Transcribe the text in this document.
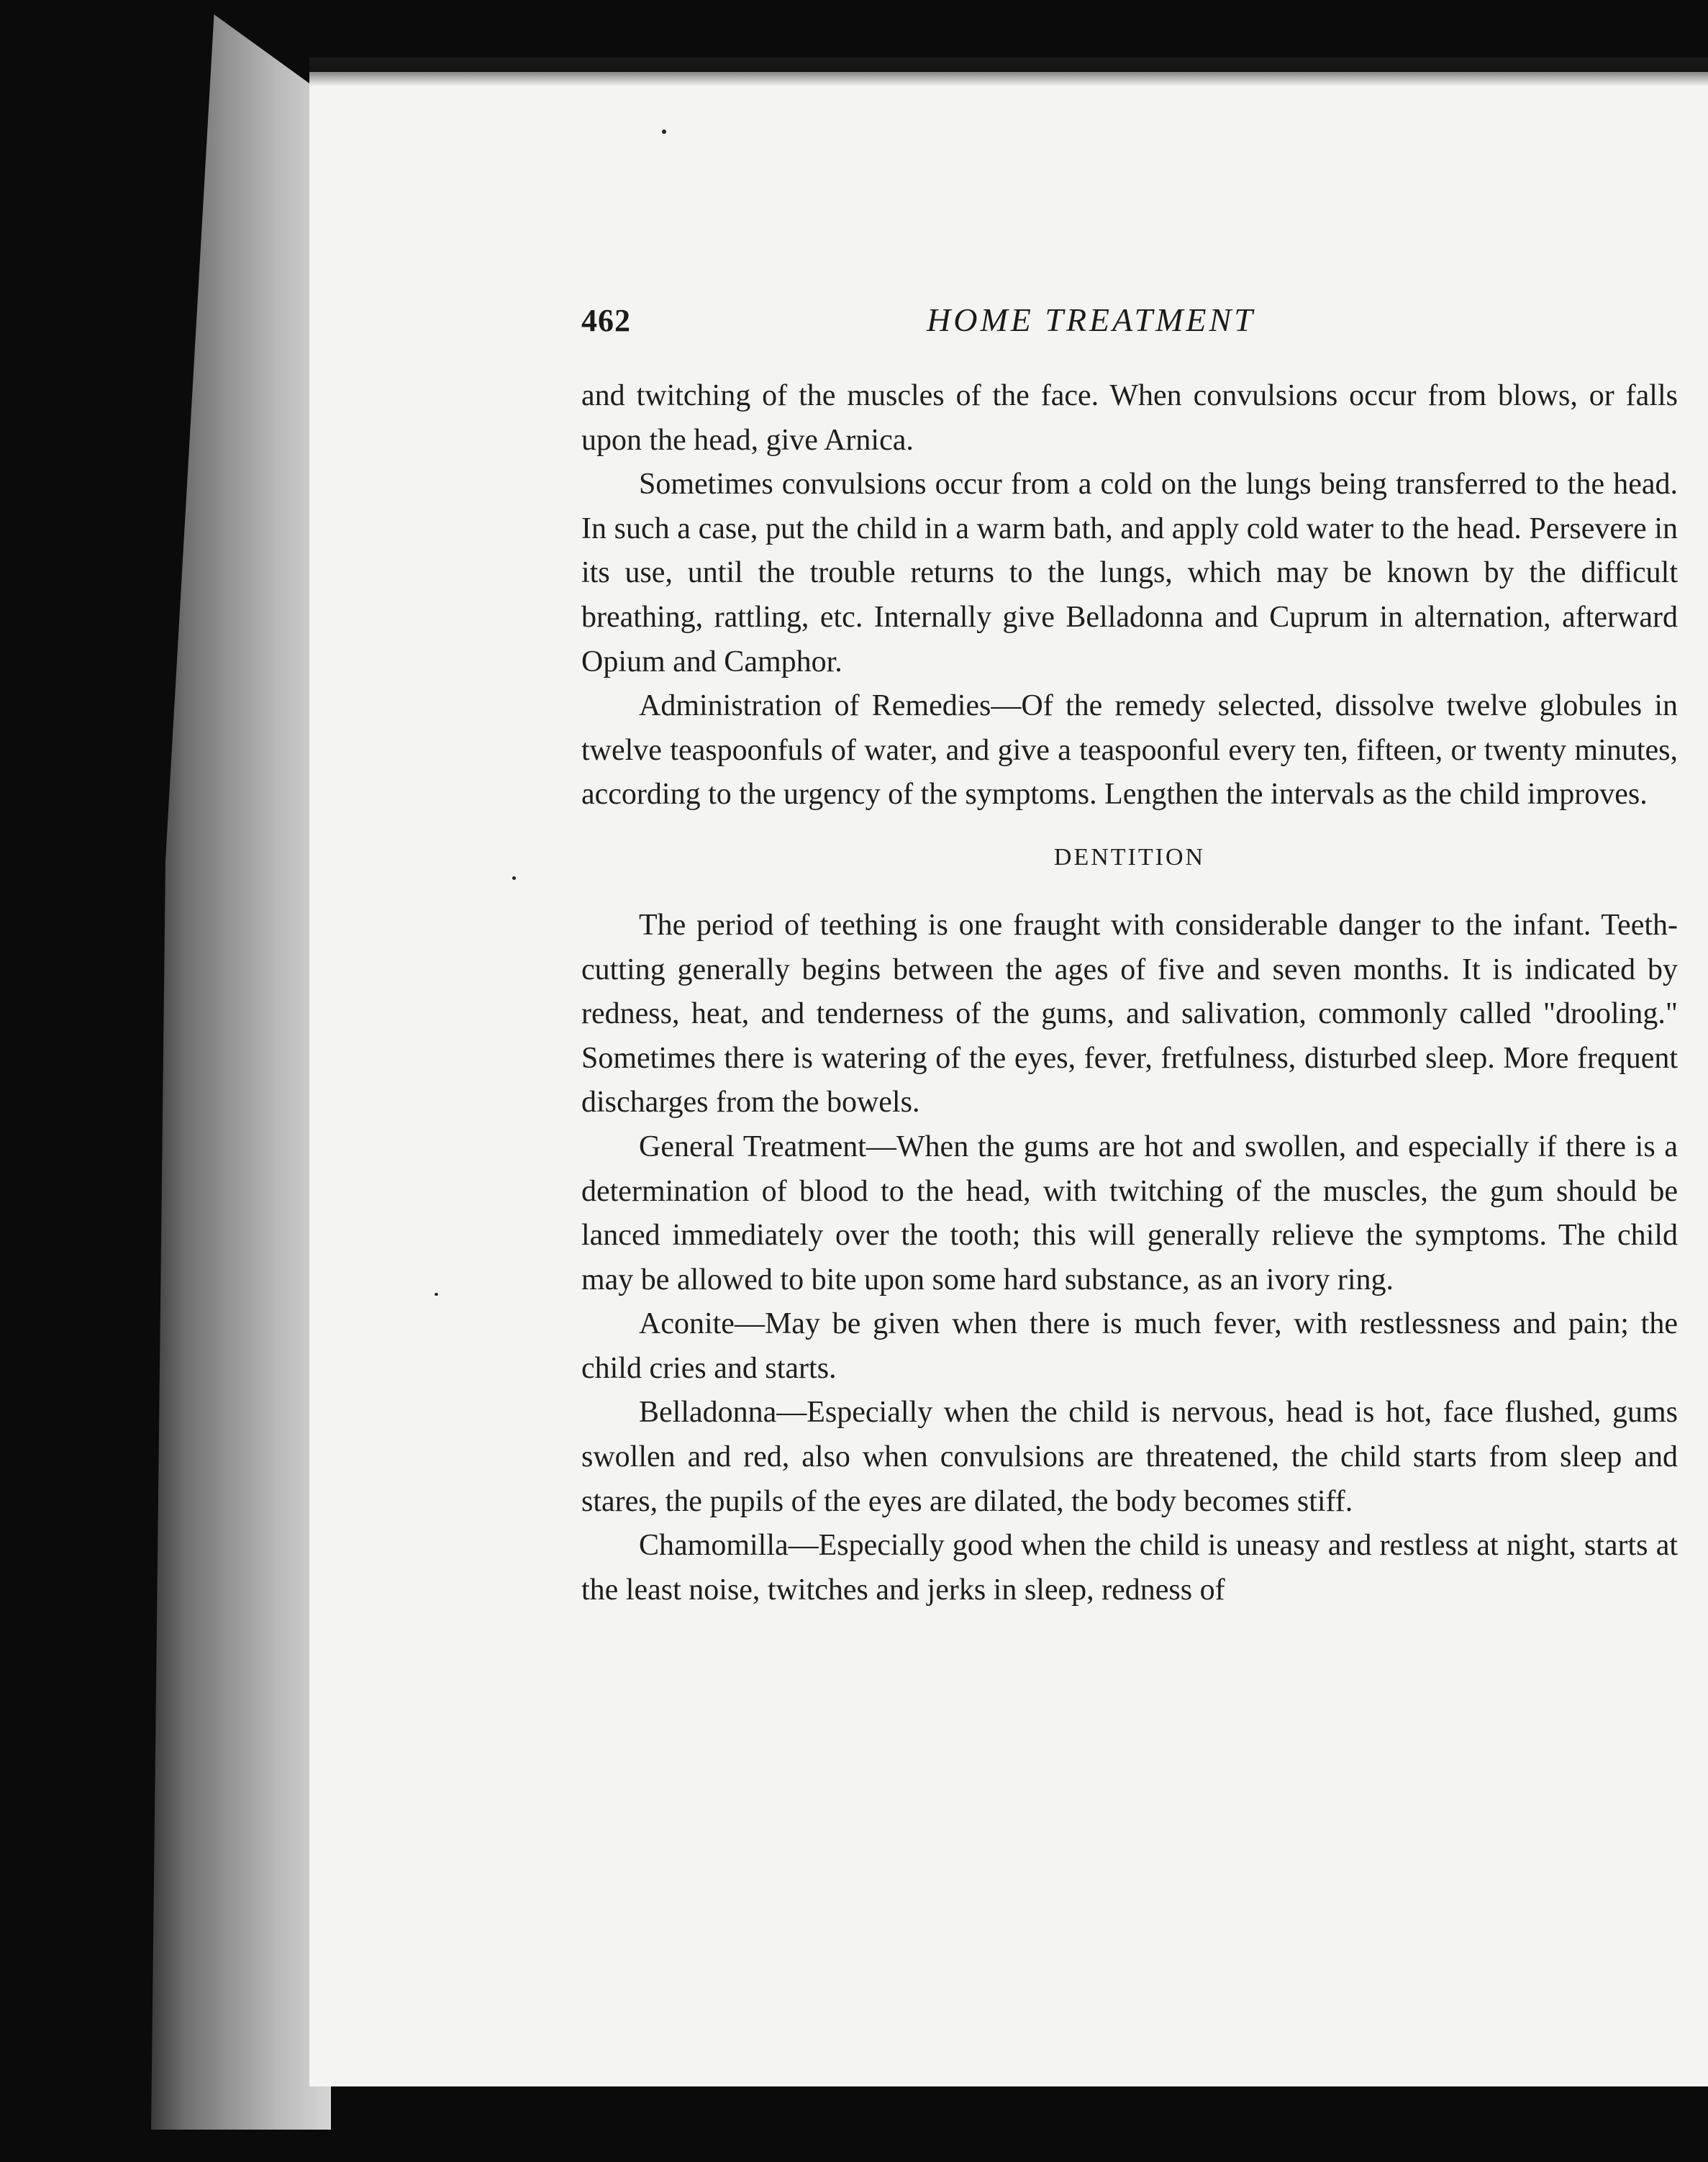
462	HOME TREATMENT

and twitching of the muscles of the face. When convulsions occur from blows, or falls upon the head, give Arnica.

Sometimes convulsions occur from a cold on the lungs being transferred to the head. In such a case, put the child in a warm bath, and apply cold water to the head. Persevere in its use, until the trouble returns to the lungs, which may be known by the difficult breathing, rattling, etc. Internally give Belladonna and Cuprum in alternation, afterward Opium and Camphor.

Administration of Remedies—Of the remedy selected, dissolve twelve globules in twelve teaspoonfuls of water, and give a teaspoonful every ten, fifteen, or twenty minutes, according to the urgency of the symptoms. Lengthen the intervals as the child improves.

DENTITION

The period of teething is one fraught with considerable danger to the infant. Teeth-cutting generally begins between the ages of five and seven months. It is indicated by redness, heat, and tenderness of the gums, and salivation, commonly called "drooling." Sometimes there is watering of the eyes, fever, fretfulness, disturbed sleep. More frequent discharges from the bowels.

General Treatment—When the gums are hot and swollen, and especially if there is a determination of blood to the head, with twitching of the muscles, the gum should be lanced immediately over the tooth; this will generally relieve the symptoms. The child may be allowed to bite upon some hard substance, as an ivory ring.

Aconite—May be given when there is much fever, with restlessness and pain; the child cries and starts.

Belladonna—Especially when the child is nervous, head is hot, face flushed, gums swollen and red, also when convulsions are threatened, the child starts from sleep and stares, the pupils of the eyes are dilated, the body becomes stiff.

Chamomilla—Especially good when the child is uneasy and restless at night, starts at the least noise, twitches and jerks in sleep, redness of
